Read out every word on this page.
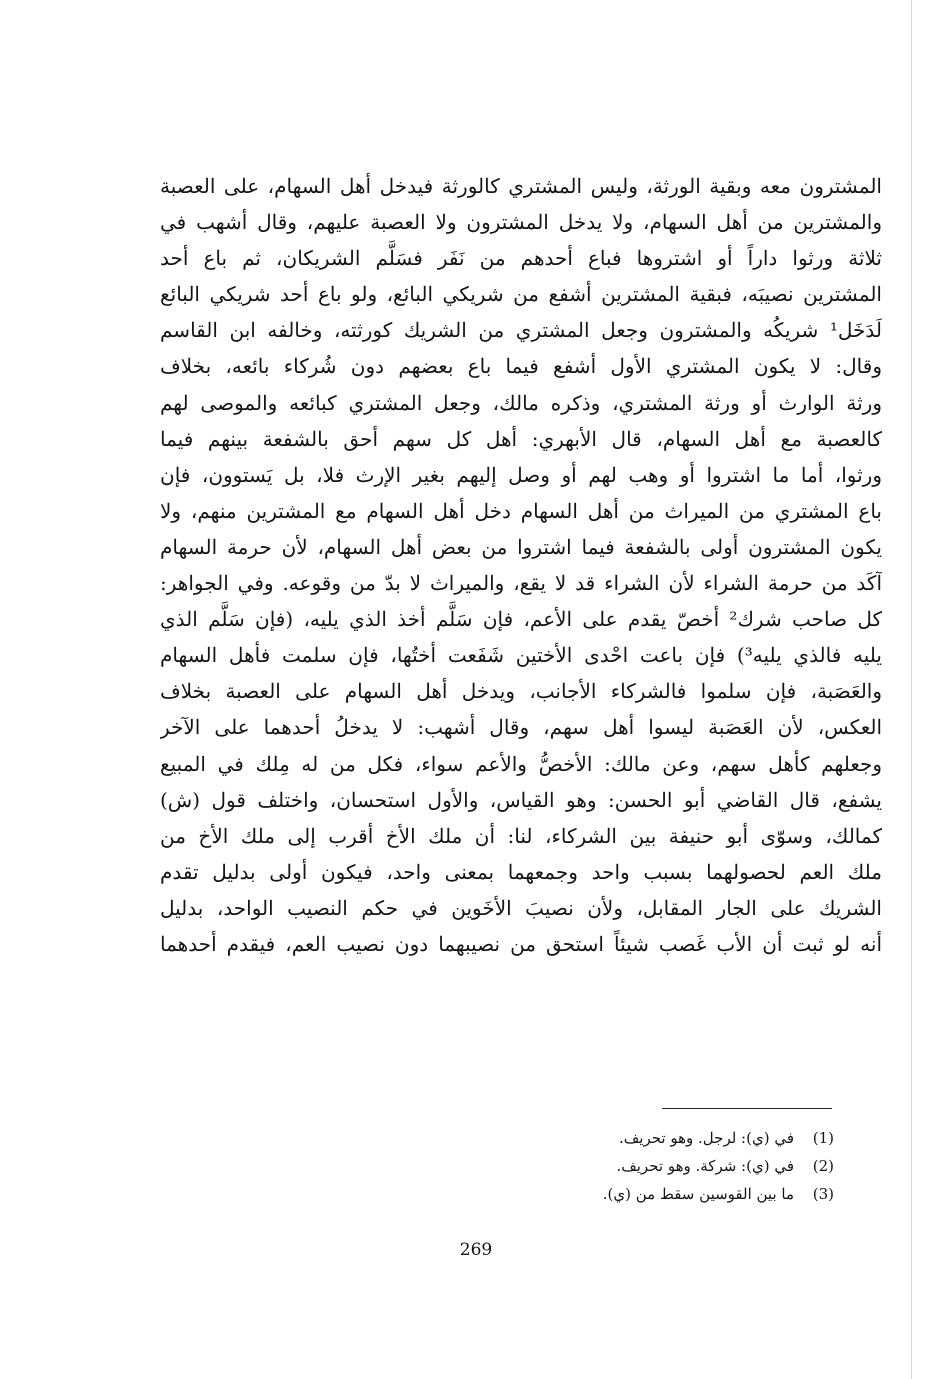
المشترون معه وبقية الورثة، وليس المشتري كالورثة فيدخل أهل السهام، على العصبة
والمشترين من أهل السهام، ولا يدخل المشترون ولا العصبة عليهم، وقال أشهب في
ثلاثة ورثوا داراً أو اشتروها فباع أحدهم من نَفَر فسَلَّم الشريكان، ثم باع أحد
المشترين نصيبَه، فبقية المشترين أشفع من شريكي البائع، ولو باع أحد شريكي البائع
لَدَخَل¹ شريكُه والمشترون وجعل المشتري من الشريك كورثته، وخالفه ابن القاسم
وقال: لا يكون المشتري الأول أشفع فيما باع بعضهم دون شُركاء بائعه، بخلاف
ورثة الوارث أو ورثة المشتري، وذكره مالك، وجعل المشتري كبائعه والموصى لهم
كالعصبة مع أهل السهام، قال الأبهري: أهل كل سهم أحق بالشفعة بينهم فيما
ورثوا، أما ما اشتروا أو وهب لهم أو وصل إليهم بغير الإرث فلا، بل يَستوون، فإن
باع المشتري من الميراث من أهل السهام دخل أهل السهام مع المشترين منهم، ولا
يكون المشترون أولى بالشفعة فيما اشتروا من بعض أهل السهام، لأن حرمة السهام
آكَد من حرمة الشراء لأن الشراء قد لا يقع، والميراث لا بدّ من وقوعه. وفي الجواهر:
كل صاحب شرك² أخصّ يقدم على الأعم، فإن سَلَّم أخذ الذي يليه، (فإن سَلَّم الذي
يليه فالذي يليه³) فإن باعت احْدى الأختين شَفَعت أختُها، فإن سلمت فأهل السهام
والعَصَبة، فإن سلموا فالشركاء الأجانب، ويدخل أهل السهام على العصبة بخلاف
العكس، لأن العَصَبة ليسوا أهل سهم، وقال أشهب: لا يدخلُ أحدهما على الآخر
وجعلهم كأهل سهم، وعن مالك: الأخصُّ والأعم سواء، فكل من له مِلك في المبيع
يشفع، قال القاضي أبو الحسن: وهو القياس، والأول استحسان، واختلف قول (ش)
كمالك، وسوّى أبو حنيفة بين الشركاء، لنا: أن ملك الأخ أقرب إلى ملك الأخ من
ملك العم لحصولهما بسبب واحد وجمعهما بمعنى واحد، فيكون أولى بدليل تقدم
الشريك على الجار المقابل، ولأن نصيبَ الأخَوين في حكم النصيب الواحد، بدليل
أنه لو ثبت أن الأب غَصب شيئاً استحق من نصيبهما دون نصيب العم، فيقدم أحدهما
(1)
في (ي): لرجل. وهو تحريف.
(2)
في (ي): شركة. وهو تحريف.
(3)
ما بين القوسين سقط من (ي).
269
